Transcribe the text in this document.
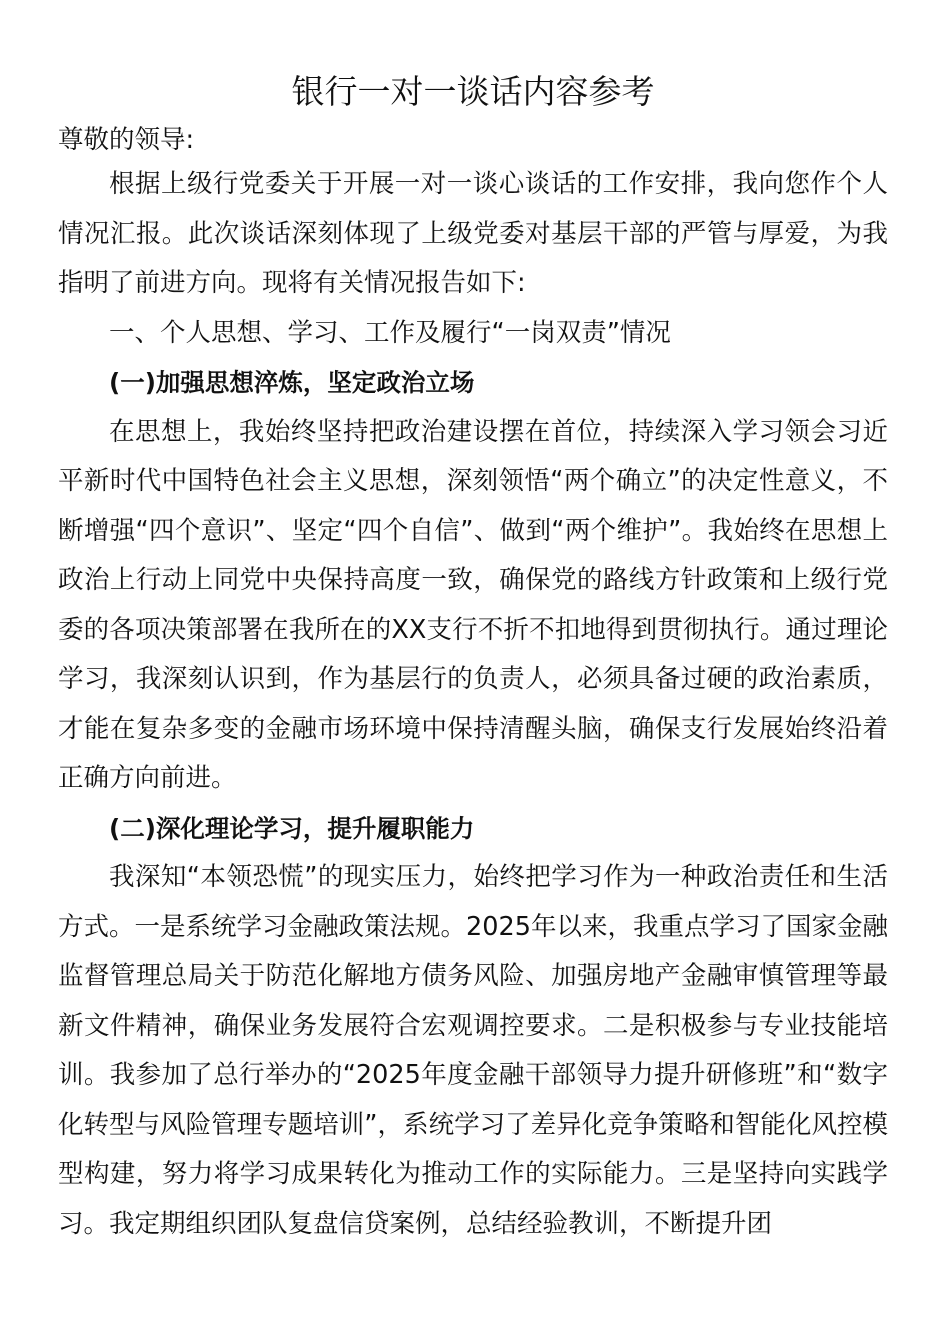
银行一对一谈话内容参考

尊敬的领导:

根据上级行党委关于开展一对一谈心谈话的工作安排，我向您作个人情况汇报。此次谈话深刻体现了上级党委对基层干部的严管与厚爱，为我指明了前进方向。现将有关情况报告如下:

一、个人思想、学习、工作及履行“一岗双责”情况

(一)加强思想淬炼，坚定政治立场

在思想上，我始终坚持把政治建设摆在首位，持续深入学习领会习近平新时代中国特色社会主义思想，深刻领悟“两个确立”的决定性意义，不断增强“四个意识”、坚定“四个自信”、做到“两个维护”。我始终在思想上政治上行动上同党中央保持高度一致，确保党的路线方针政策和上级行党委的各项决策部署在我所在的XX支行不折不扣地得到贯彻执行。通过理论学习，我深刻认识到，作为基层行的负责人，必须具备过硬的政治素质，才能在复杂多变的金融市场环境中保持清醒头脑，确保支行发展始终沿着正确方向前进。

(二)深化理论学习，提升履职能力

我深知“本领恐慌”的现实压力，始终把学习作为一种政治责任和生活方式。一是系统学习金融政策法规。2025年以来，我重点学习了国家金融监督管理总局关于防范化解地方债务风险、加强房地产金融审慎管理等最新文件精神，确保业务发展符合宏观调控要求。二是积极参与专业技能培训。我参加了总行举办的“2025年度金融干部领导力提升研修班”和“数字化转型与风险管理专题培训”，系统学习了差异化竞争策略和智能化风控模型构建，努力将学习成果转化为推动工作的实际能力。三是坚持向实践学习。我定期组织团队复盘信贷案例，总结经验教训，不断提升团
